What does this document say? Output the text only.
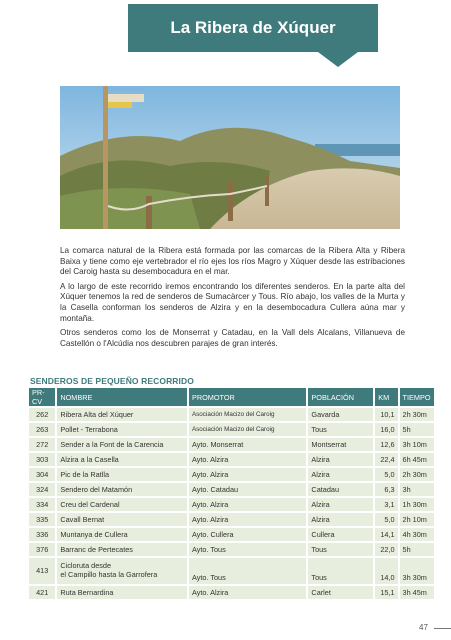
La Ribera de Xúquer

La comarca natural de la Ribera está formada por las comarcas de la Ribera Alta y Ribera Baixa y tiene como eje vertebrador el río ejes los ríos Magro y Xúquer desde las estribaciones del Caroig hasta su desembocadura en el mar.

A lo largo de este recorrido iremos encontrando los diferentes senderos. En la parte alta del Xúquer tenemos la red de senderos de Sumacàrcer y Tous. Río abajo, los valles de la Murta y la Casella conforman los senderos de Alzira y en la desembocadura Cullera aúna mar y montaña.

Otros senderos como los de Monserrat y Catadau, en la Vall dels Alcalans, Villanueva de Castellón o l'Alcúdia nos descubren parajes de gran interés.

SENDEROS DE PEQUEÑO RECORRIDO
PR-CV	NOMBRE	PROMOTOR	POBLACIÓN	KM	TIEMPO
262	Ribera Alta del Xúquer	Asociación Macizo del Caroig	Gavarda	10,1	2h 30m
263	Pollet - Terrabona	Asociación Macizo del Caroig	Tous	16,0	5h
272	Sender a la Font de la Carencia	Ayto. Monserrat	Montserrat	12,6	3h 10m
303	Alzira a la Casella	Ayto. Alzira	Alzira	22,4	6h 45m
304	Pic de la Ratlla	Ayto. Alzira	Alzira	5,0	2h 30m
324	Sendero del Matamón	Ayto. Catadau	Catadau	6,3	3h
334	Creu del Cardenal	Ayto. Alzira	Alzira	3,1	1h 30m
335	Cavall Bernat	Ayto. Alzira	Alzira	5,0	2h 10m
336	Muntanya de Cullera	Ayto. Cullera	Cullera	14,1	4h 30m
376	Barranc de Pertecates	Ayto. Tous	Tous	22,0	5h
413	Cicloruta desde
el Campillo hasta la Garrofera	Ayto. Tous	Tous	14,0	3h 30m
421	Ruta Bernardina	Ayto. Alzira	Carlet	15,1	3h 45m
47
